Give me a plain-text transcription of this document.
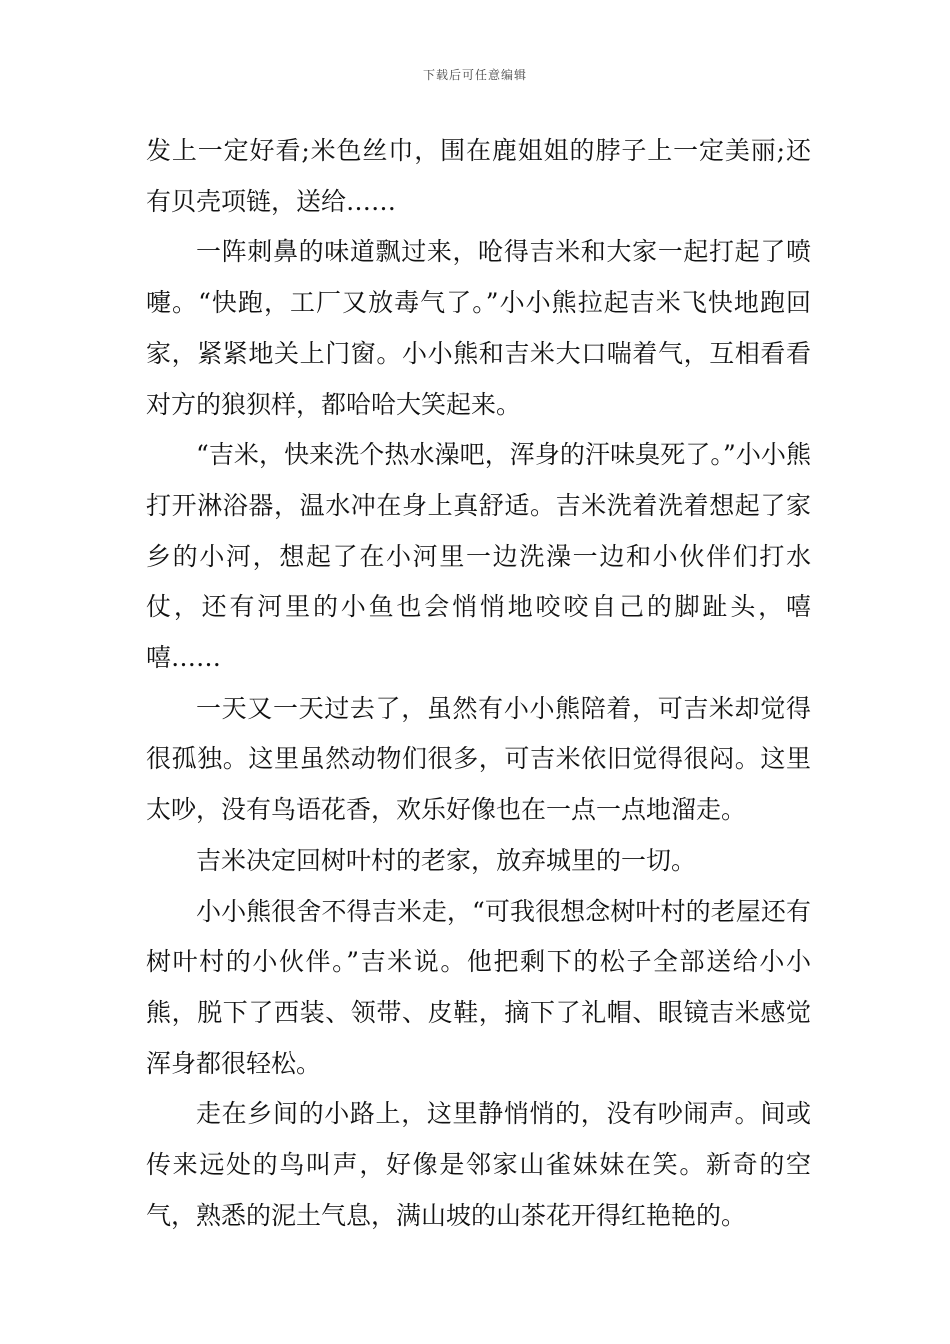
下载后可任意编辑

发上一定好看;米色丝巾，围在鹿姐姐的脖子上一定美丽;还有贝壳项链，送给……

一阵刺鼻的味道飘过来，呛得吉米和大家一起打起了喷嚏。“快跑，工厂又放毒气了。”小小熊拉起吉米飞快地跑回家，紧紧地关上门窗。小小熊和吉米大口喘着气，互相看看对方的狼狈样，都哈哈大笑起来。

“吉米，快来洗个热水澡吧，浑身的汗味臭死了。”小小熊打开淋浴器，温水冲在身上真舒适。吉米洗着洗着想起了家乡的小河，想起了在小河里一边洗澡一边和小伙伴们打水仗，还有河里的小鱼也会悄悄地咬咬自己的脚趾头，嘻嘻……

一天又一天过去了，虽然有小小熊陪着，可吉米却觉得很孤独。这里虽然动物们很多，可吉米依旧觉得很闷。这里太吵，没有鸟语花香，欢乐好像也在一点一点地溜走。

吉米决定回树叶村的老家，放弃城里的一切。

小小熊很舍不得吉米走，“可我很想念树叶村的老屋还有树叶村的小伙伴。”吉米说。他把剩下的松子全部送给小小熊，脱下了西装、领带、皮鞋，摘下了礼帽、眼镜吉米感觉浑身都很轻松。

走在乡间的小路上，这里静悄悄的，没有吵闹声。间或传来远处的鸟叫声，好像是邻家山雀妹妹在笑。新奇的空气，熟悉的泥土气息，满山坡的山茶花开得红艳艳的。
